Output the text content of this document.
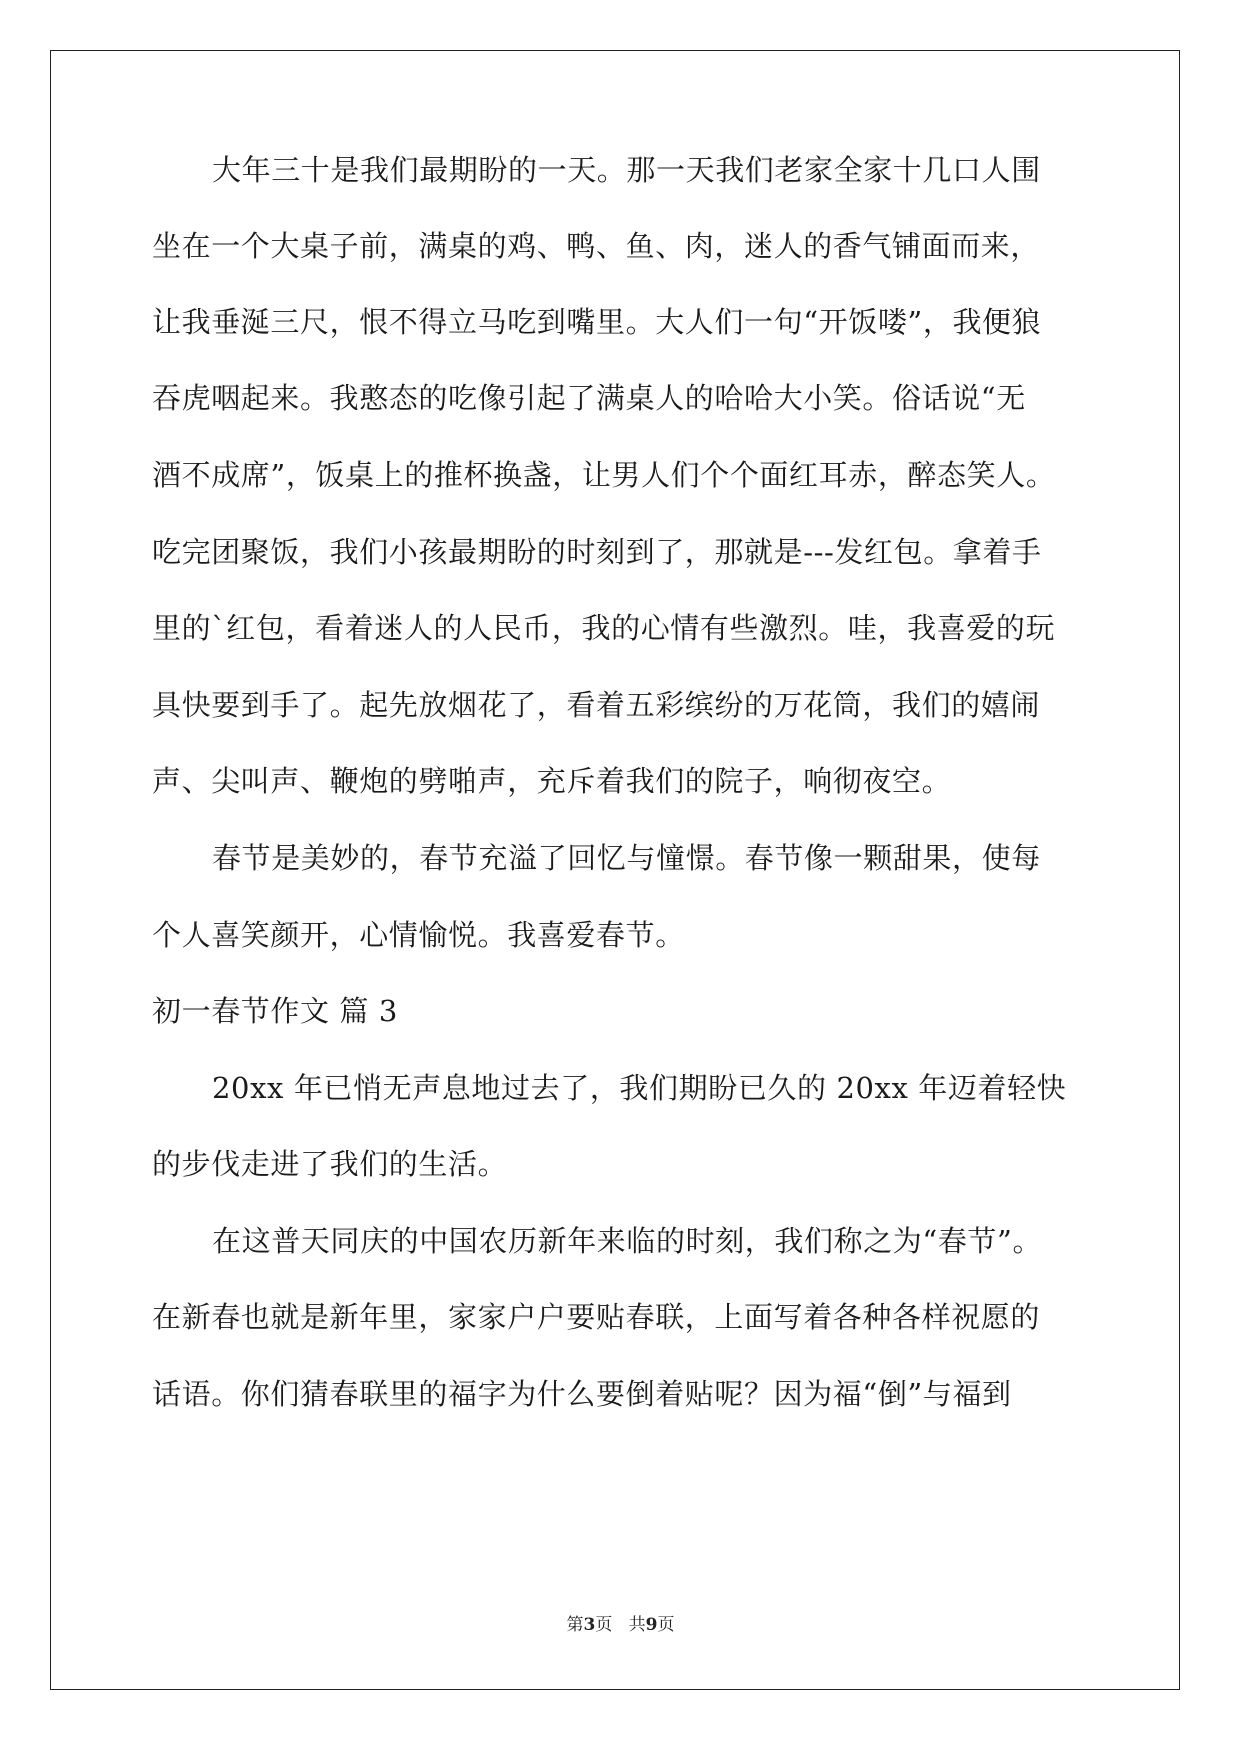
大年三十是我们最期盼的一天。那一天我们老家全家十几口人围
坐在一个大桌子前，满桌的鸡、鸭、鱼、肉，迷人的香气铺面而来，
让我垂涎三尺，恨不得立马吃到嘴里。大人们一句“开饭喽”，我便狼
吞虎咽起来。我憨态的吃像引起了满桌人的哈哈大小笑。俗话说“无
酒不成席”，饭桌上的推杯换盏，让男人们个个面红耳赤，醉态笑人。
吃完团聚饭，我们小孩最期盼的时刻到了，那就是---发红包。拿着手
里的`红包，看着迷人的人民币，我的心情有些激烈。哇，我喜爱的玩
具快要到手了。起先放烟花了，看着五彩缤纷的万花筒，我们的嬉闹
声、尖叫声、鞭炮的劈啪声，充斥着我们的院子，响彻夜空。
春节是美妙的，春节充溢了回忆与憧憬。春节像一颗甜果，使每
个人喜笑颜开，心情愉悦。我喜爱春节。
初一春节作文 篇 3
20xx 年已悄无声息地过去了，我们期盼已久的 20xx 年迈着轻快
的步伐走进了我们的生活。
在这普天同庆的中国农历新年来临的时刻，我们称之为“春节”。
在新春也就是新年里，家家户户要贴春联，上面写着各种各样祝愿的
话语。你们猜春联里的福字为什么要倒着贴呢？因为福“倒”与福到
第3页   共9页
